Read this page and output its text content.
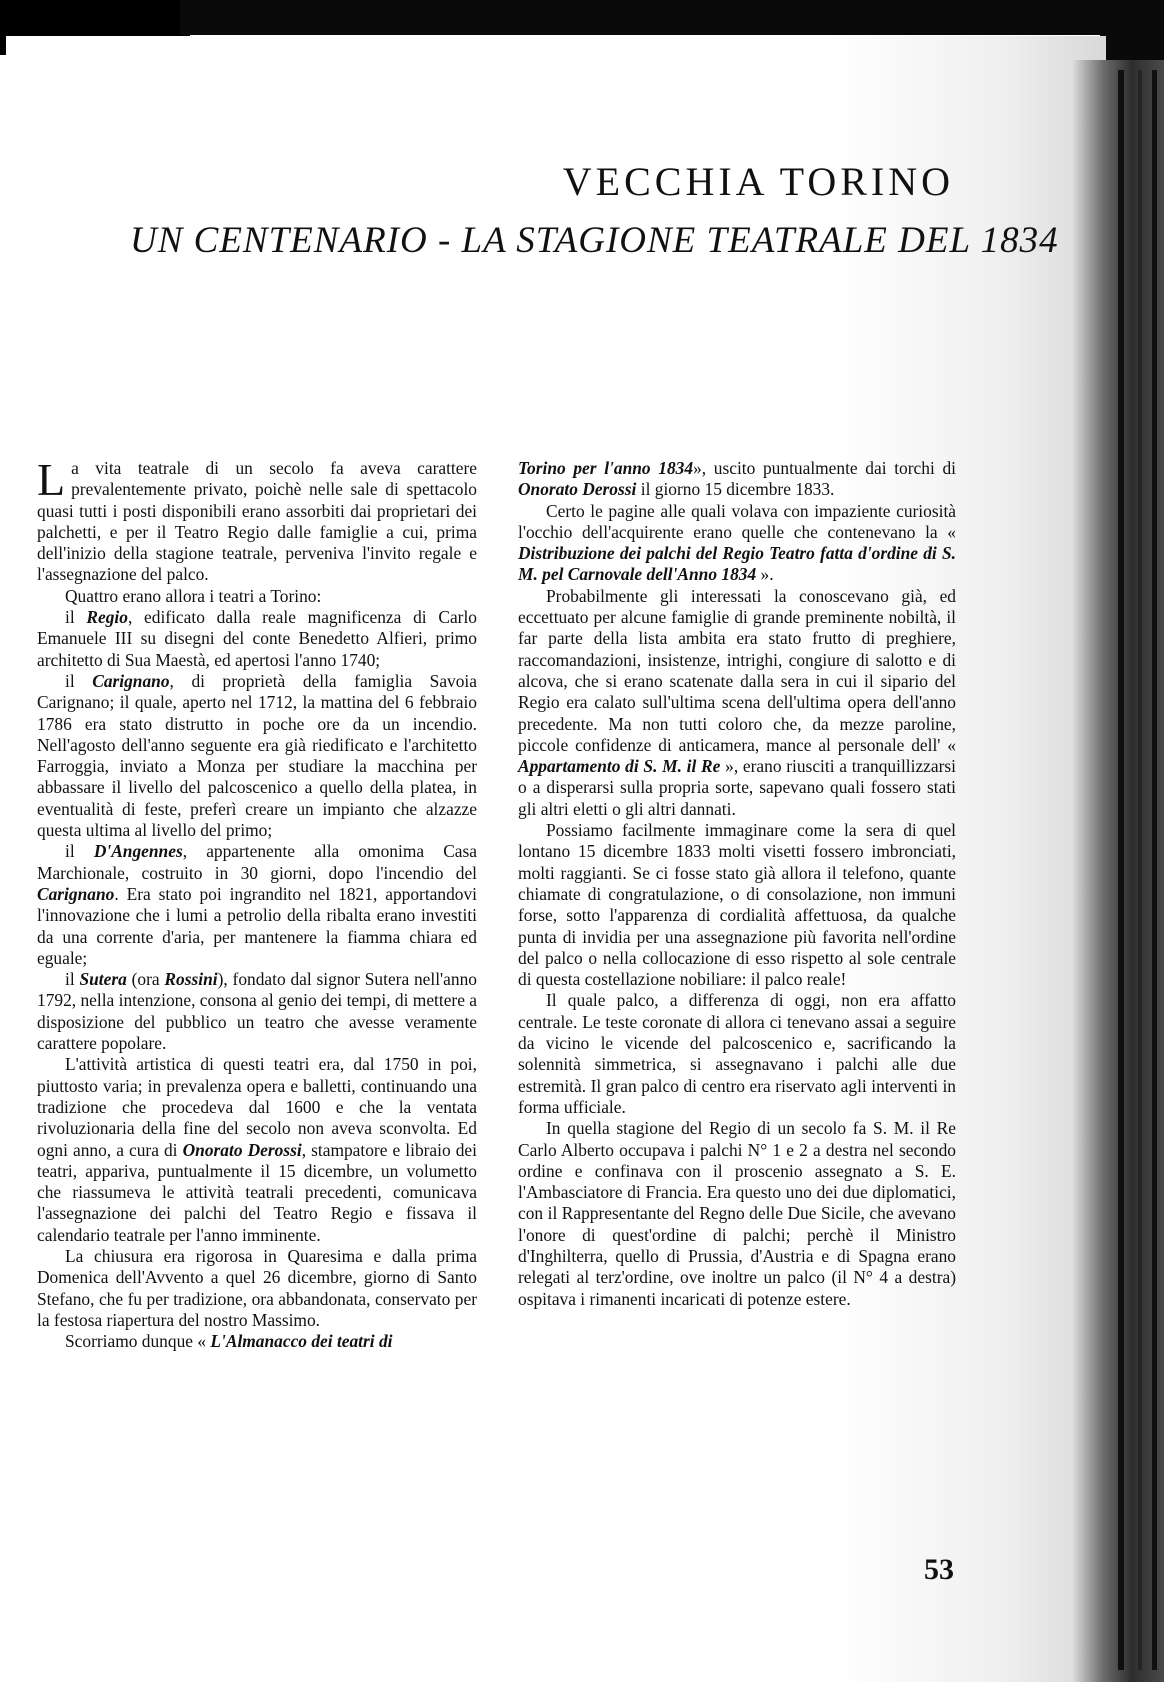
VECCHIA TORINO
UN CENTENARIO - LA STAGIONE TEATRALE DEL 1834

La vita teatrale di un secolo fa aveva carattere prevalentemente privato, poichè nelle sale di spettacolo quasi tutti i posti disponibili erano assorbiti dai proprietari dei palchetti, e per il Teatro Regio dalle famiglie a cui, prima dell'inizio della stagione teatrale, perveniva l'invito regale e l'assegnazione del palco.

Quattro erano allora i teatri a Torino:

il Regio, edificato dalla reale magnificenza di Carlo Emanuele III su disegni del conte Benedetto Alfieri, primo architetto di Sua Maestà, ed apertosi l'anno 1740;

il Carignano, di proprietà della famiglia Savoia Carignano; il quale, aperto nel 1712, la mattina del 6 febbraio 1786 era stato distrutto in poche ore da un incendio. Nell'agosto dell'anno seguente era già riedificato e l'architetto Farroggia, inviato a Monza per studiare la macchina per abbassare il livello del palcoscenico a quello della platea, in eventualità di feste, preferì creare un impianto che alzazze questa ultima al livello del primo;

il D'Angennes, appartenente alla omonima Casa Marchionale, costruito in 30 giorni, dopo l'incendio del Carignano. Era stato poi ingrandito nel 1821, apportandovi l'innovazione che i lumi a petrolio della ribalta erano investiti da una corrente d'aria, per mantenere la fiamma chiara ed eguale;

il Sutera (ora Rossini), fondato dal signor Sutera nell'anno 1792, nella intenzione, consona al genio dei tempi, di mettere a disposizione del pubblico un teatro che avesse veramente carattere popolare.

L'attività artistica di questi teatri era, dal 1750 in poi, piuttosto varia; in prevalenza opera e balletti, continuando una tradizione che procedeva dal 1600 e che la ventata rivoluzionaria della fine del secolo non aveva sconvolta. Ed ogni anno, a cura di Onorato Derossi, stampatore e libraio dei teatri, appariva, puntualmente il 15 dicembre, un volumetto che riassumeva le attività teatrali precedenti, comunicava l'assegnazione dei palchi del Teatro Regio e fissava il calendario teatrale per l'anno imminente.

La chiusura era rigorosa in Quaresima e dalla prima Domenica dell'Avvento a quel 26 dicembre, giorno di Santo Stefano, che fu per tradizione, ora abbandonata, conservato per la festosa riapertura del nostro Massimo.

Scorriamo dunque « L'Almanacco dei teatri di

Torino per l'anno 1834», uscito puntualmente dai torchi di Onorato Derossi il giorno 15 dicembre 1833.

Certo le pagine alle quali volava con impaziente curiosità l'occhio dell'acquirente erano quelle che contenevano la « Distribuzione dei palchi del Regio Teatro fatta d'ordine di S. M. pel Carnovale dell'Anno 1834 ».

Probabilmente gli interessati la conoscevano già, ed eccettuato per alcune famiglie di grande preminente nobiltà, il far parte della lista ambita era stato frutto di preghiere, raccomandazioni, insistenze, intrighi, congiure di salotto e di alcova, che si erano scatenate dalla sera in cui il sipario del Regio era calato sull'ultima scena dell'ultima opera dell'anno precedente. Ma non tutti coloro che, da mezze paroline, piccole confidenze di anticamera, mance al personale dell' « Appartamento di S. M. il Re », erano riusciti a tranquillizzarsi o a disperarsi sulla propria sorte, sapevano quali fossero stati gli altri eletti o gli altri dannati.

Possiamo facilmente immaginare come la sera di quel lontano 15 dicembre 1833 molti visetti fossero imbronciati, molti raggianti. Se ci fosse stato già allora il telefono, quante chiamate di congratulazione, o di consolazione, non immuni forse, sotto l'apparenza di cordialità affettuosa, da qualche punta di invidia per una assegnazione più favorita nell'ordine del palco o nella collocazione di esso rispetto al sole centrale di questa costellazione nobiliare: il palco reale!

Il quale palco, a differenza di oggi, non era affatto centrale. Le teste coronate di allora ci tenevano assai a seguire da vicino le vicende del palcoscenico e, sacrificando la solennità simmetrica, si assegnavano i palchi alle due estremità. Il gran palco di centro era riservato agli interventi in forma ufficiale.

In quella stagione del Regio di un secolo fa S. M. il Re Carlo Alberto occupava i palchi N° 1 e 2 a destra nel secondo ordine e confinava con il proscenio assegnato a S. E. l'Ambasciatore di Francia. Era questo uno dei due diplomatici, con il Rappresentante del Regno delle Due Sicile, che avevano l'onore di quest'ordine di palchi; perchè il Ministro d'Inghilterra, quello di Prussia, d'Austria e di Spagna erano relegati al terz'ordine, ove inoltre un palco (il N° 4 a destra) ospitava i rimanenti incaricati di potenze estere.

53
